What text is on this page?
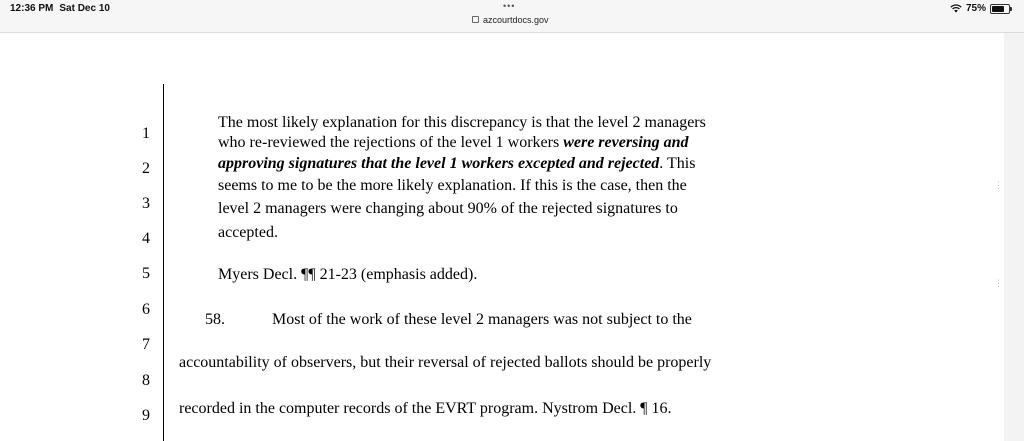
12:36 PM Sat Dec 10	•••
azcourtdocs.gov
75%
⋮
⋮
1
2
3
4
5
6
7
8
9
The most likely explanation for this discrepancy is that the level 2 managers
who re-reviewed the rejections of the level 1 workers were reversing and
approving signatures that the level 1 workers excepted and rejected. This
seems to me to be the more likely explanation. If this is the case, then the
level 2 managers were changing about 90% of the rejected signatures to
accepted.
Myers Decl. ¶¶ 21-23 (emphasis added).
58.	Most of the work of these level 2 managers was not subject to the
accountability of observers, but their reversal of rejected ballots should be properly
recorded in the computer records of the EVRT program. Nystrom Decl. ¶ 16.
